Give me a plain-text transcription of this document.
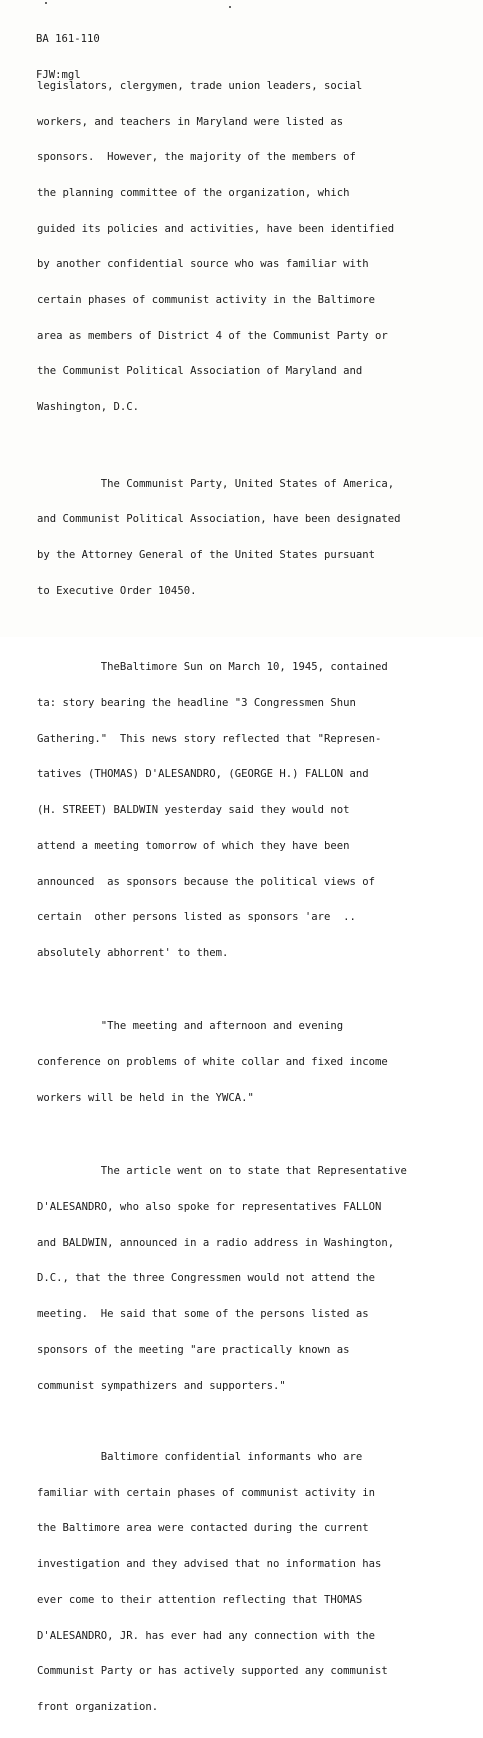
BA 161-110

FJW:mgl

legislators, clergymen, trade union leaders, social

workers, and teachers in Maryland were listed as

sponsors.  However, the majority of the members of

the planning committee of the organization, which

guided its policies and activities, have been identified

by another confidential source who was familiar with

certain phases of communist activity in the Baltimore

area as members of District 4 of the Communist Party or

the Communist Political Association of Maryland and

Washington, D.C.

The Communist Party, United States of America,

and Communist Political Association, have been designated

by the Attorney General of the United States pursuant

to Executive Order 10450.

TheBaltimore Sun on March 10, 1945, contained

ta: story bearing the headline "3 Congressmen Shun

Gathering."  This news story reflected that "Represen-

tatives (THOMAS) D'ALESANDRO, (GEORGE H.) FALLON and

(H. STREET) BALDWIN yesterday said they would not

attend a meeting tomorrow of which they have been

announced  as sponsors because the political views of

certain  other persons listed as sponsors 'are  ..

absolutely abhorrent' to them.

"The meeting and afternoon and evening

conference on problems of white collar and fixed income

workers will be held in the YWCA."

The article went on to state that Representative

D'ALESANDRO, who also spoke for representatives FALLON

and BALDWIN, announced in a radio address in Washington,

D.C., that the three Congressmen would not attend the

meeting.  He said that some of the persons listed as

sponsors of the meeting "are practically known as

communist sympathizers and supporters."

Baltimore confidential informants who are

familiar with certain phases of communist activity in

the Baltimore area were contacted during the current

investigation and they advised that no information has

ever come to their attention reflecting that THOMAS

D'ALESANDRO, JR. has ever had any connection with the

Communist Party or has actively supported any communist

front organization.
